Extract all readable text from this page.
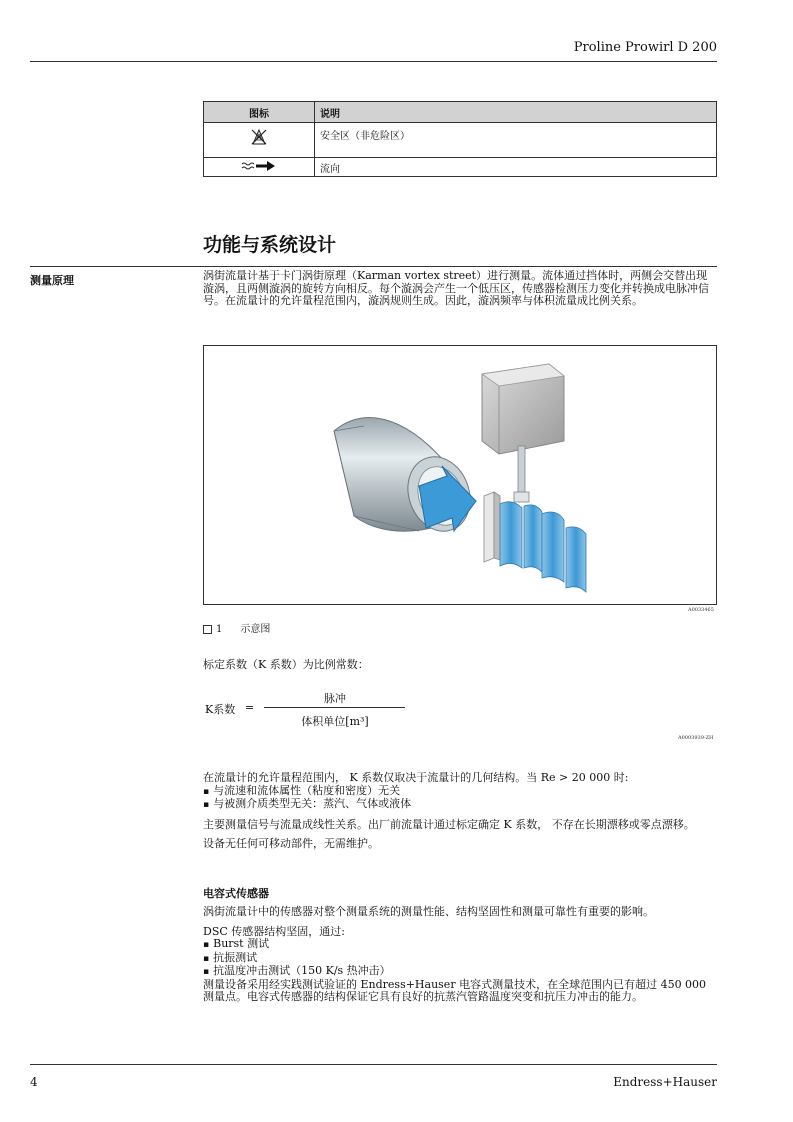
Proline Prowirl D 200
图标	说明
	安全区（非危险区）
	流向
功能与系统设计
测量原理	涡街流量计基于卡门涡街原理（Karman vortex street）进行测量。流体通过挡体时，两侧会交替出现漩涡，且两侧漩涡的旋转方向相反。每个漩涡会产生一个低压区，传感器检测压力变化并转换成电脉冲信号。在流量计的允许量程范围内，漩涡规则生成。因此，漩涡频率与体积流量成比例关系。
A0033465
1 示意图
标定系数（K 系数）为比例常数：
K系数 =
脉冲
体积单位[m³]
A0003939-ZH
在流量计的允许量程范围内， K 系数仅取决于流量计的几何结构。当 Re > 20 000 时:
▪ 与流速和流体属性（粘度和密度）无关
▪ 与被测介质类型无关：蒸汽、气体或液体
主要测量信号与流量成线性关系。出厂前流量计通过标定确定 K 系数， 不存在长期漂移或零点漂移。
设备无任何可移动部件，无需维护。
电容式传感器
涡街流量计中的传感器对整个测量系统的测量性能、结构坚固性和测量可靠性有重要的影响。
DSC 传感器结构坚固，通过:
▪ Burst 测试
▪ 抗振测试
▪ 抗温度冲击测试（150 K/s 热冲击）
测量设备采用经实践测试验证的 Endress+Hauser 电容式测量技术，在全球范围内已有超过 450 000 测量点。电容式传感器的结构保证它具有良好的抗蒸汽管路温度突变和抗压力冲击的能力。
4	Endress+Hauser
